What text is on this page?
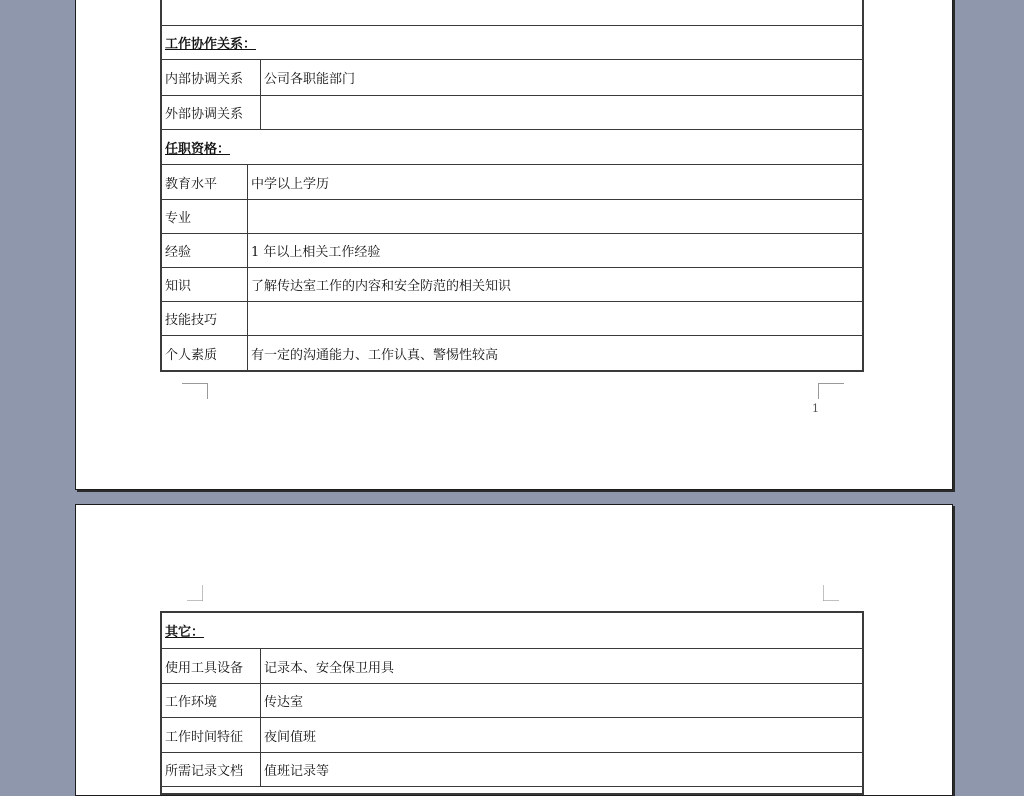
工作协作关系：		
内部协调关系		公司各职能部门
外部协调关系		
任职资格：		
教育水平	中学以上学历	
专业		
经验	1 年以上相关工作经验	
知识	了解传达室工作的内容和安全防范的相关知识	
技能技巧		
个人素质	有一定的沟通能力、工作认真、警惕性较高	
1
其它：	
使用工具设备	记录本、安全保卫用具
工作环境	传达室
工作时间特征	夜间值班
所需记录文档	值班记录等
